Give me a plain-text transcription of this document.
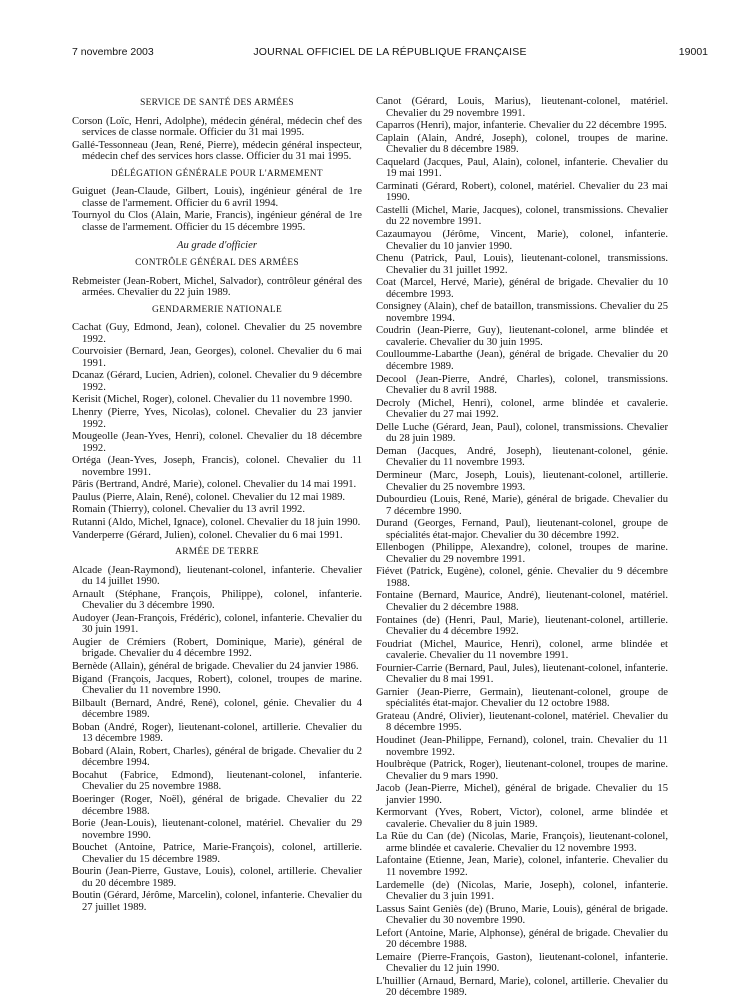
7 novembre 2003	JOURNAL OFFICIEL DE LA RÉPUBLIQUE FRANÇAISE	19001
SERVICE DE SANTÉ DES ARMÉES

Corson (Loïc, Henri, Adolphe), médecin général, médecin chef des services de classe normale. Officier du 31 mai 1995.

Gallé-Tessonneau (Jean, René, Pierre), médecin général inspecteur, médecin chef des services hors classe. Officier du 31 mai 1995.

DÉLÉGATION GÉNÉRALE POUR L'ARMEMENT

Guiguet (Jean-Claude, Gilbert, Louis), ingénieur général de 1re classe de l'armement. Officier du 6 avril 1994.

Tournyol du Clos (Alain, Marie, Francis), ingénieur général de 1re classe de l'armement. Officier du 15 décembre 1995.

Au grade d'officier
CONTRÔLE GÉNÉRAL DES ARMÉES

Rebmeister (Jean-Robert, Michel, Salvador), contrôleur général des armées. Chevalier du 22 juin 1989.

GENDARMERIE NATIONALE

Cachat (Guy, Edmond, Jean), colonel. Chevalier du 25 novembre 1992.

Courvoisier (Bernard, Jean, Georges), colonel. Chevalier du 6 mai 1991.

Dcanaz (Gérard, Lucien, Adrien), colonel. Chevalier du 9 décembre 1992.

Kerisit (Michel, Roger), colonel. Chevalier du 11 novembre 1990.

Lhenry (Pierre, Yves, Nicolas), colonel. Chevalier du 23 janvier 1992.

Mougeolle (Jean-Yves, Henri), colonel. Chevalier du 18 décembre 1992.

Ortéga (Jean-Yves, Joseph, Francis), colonel. Chevalier du 11 novembre 1991.

Pâris (Bertrand, André, Marie), colonel. Chevalier du 14 mai 1991.

Paulus (Pierre, Alain, René), colonel. Chevalier du 12 mai 1989.

Romain (Thierry), colonel. Chevalier du 13 avril 1992.

Rutanni (Aldo, Michel, Ignace), colonel. Chevalier du 18 juin 1990.

Vanderperre (Gérard, Julien), colonel. Chevalier du 6 mai 1991.

ARMÉE DE TERRE

Alcade (Jean-Raymond), lieutenant-colonel, infanterie. Chevalier du 14 juillet 1990.

Arnault (Stéphane, François, Philippe), colonel, infanterie. Chevalier du 3 décembre 1990.

Audoyer (Jean-François, Frédéric), colonel, infanterie. Chevalier du 30 juin 1991.

Augier de Crémiers (Robert, Dominique, Marie), général de brigade. Chevalier du 4 décembre 1992.

Bernède (Allain), général de brigade. Chevalier du 24 janvier 1986.

Bigand (François, Jacques, Robert), colonel, troupes de marine. Chevalier du 11 novembre 1990.

Bilbault (Bernard, André, René), colonel, génie. Chevalier du 4 décembre 1989.

Boban (André, Roger), lieutenant-colonel, artillerie. Chevalier du 13 décembre 1989.

Bobard (Alain, Robert, Charles), général de brigade. Chevalier du 2 décembre 1994.

Bocahut (Fabrice, Edmond), lieutenant-colonel, infanterie. Chevalier du 25 novembre 1988.

Boeringer (Roger, Noël), général de brigade. Chevalier du 22 décembre 1988.

Borie (Jean-Louis), lieutenant-colonel, matériel. Chevalier du 29 novembre 1990.

Bouchet (Antoine, Patrice, Marie-François), colonel, artillerie. Chevalier du 15 décembre 1989.

Bourin (Jean-Pierre, Gustave, Louis), colonel, artillerie. Chevalier du 20 décembre 1989.

Boutin (Gérard, Jérôme, Marcelin), colonel, infanterie. Chevalier du 27 juillet 1989.

Canot (Gérard, Louis, Marius), lieutenant-colonel, matériel. Chevalier du 29 novembre 1991.

Caparros (Henri), major, infanterie. Chevalier du 22 décembre 1995.

Caplain (Alain, André, Joseph), colonel, troupes de marine. Chevalier du 8 décembre 1989.

Caquelard (Jacques, Paul, Alain), colonel, infanterie. Chevalier du 19 mai 1991.

Carminati (Gérard, Robert), colonel, matériel. Chevalier du 23 mai 1990.

Castelli (Michel, Marie, Jacques), colonel, transmissions. Chevalier du 22 novembre 1991.

Cazaumayou (Jérôme, Vincent, Marie), colonel, infanterie. Chevalier du 10 janvier 1990.

Chenu (Patrick, Paul, Louis), lieutenant-colonel, transmissions. Chevalier du 31 juillet 1992.

Coat (Marcel, Hervé, Marie), général de brigade. Chevalier du 10 décembre 1993.

Consigney (Alain), chef de bataillon, transmissions. Chevalier du 25 novembre 1994.

Coudrin (Jean-Pierre, Guy), lieutenant-colonel, arme blindée et cavalerie. Chevalier du 30 juin 1995.

Coulloumme-Labarthe (Jean), général de brigade. Chevalier du 20 décembre 1989.

Decool (Jean-Pierre, André, Charles), colonel, transmissions. Chevalier du 8 avril 1988.

Decroly (Michel, Henri), colonel, arme blindée et cavalerie. Chevalier du 27 mai 1992.

Delle Luche (Gérard, Jean, Paul), colonel, transmissions. Chevalier du 28 juin 1989.

Deman (Jacques, André, Joseph), lieutenant-colonel, génie. Chevalier du 11 novembre 1993.

Dermineur (Marc, Joseph, Louis), lieutenant-colonel, artillerie. Chevalier du 25 novembre 1993.

Dubourdieu (Louis, René, Marie), général de brigade. Chevalier du 7 décembre 1990.

Durand (Georges, Fernand, Paul), lieutenant-colonel, groupe de spécialités état-major. Chevalier du 30 décembre 1992.

Ellenbogen (Philippe, Alexandre), colonel, troupes de marine. Chevalier du 29 novembre 1991.

Fiévet (Patrick, Eugène), colonel, génie. Chevalier du 9 décembre 1988.

Fontaine (Bernard, Maurice, André), lieutenant-colonel, matériel. Chevalier du 2 décembre 1988.

Fontaines (de) (Henri, Paul, Marie), lieutenant-colonel, artillerie. Chevalier du 4 décembre 1992.

Foudriat (Michel, Maurice, Henri), colonel, arme blindée et cavalerie. Chevalier du 11 novembre 1991.

Fournier-Carrie (Bernard, Paul, Jules), lieutenant-colonel, infanterie. Chevalier du 8 mai 1991.

Garnier (Jean-Pierre, Germain), lieutenant-colonel, groupe de spécialités état-major. Chevalier du 12 octobre 1988.

Grateau (André, Olivier), lieutenant-colonel, matériel. Chevalier du 8 décembre 1995.

Houdinet (Jean-Philippe, Fernand), colonel, train. Chevalier du 11 novembre 1992.

Houlbrèque (Patrick, Roger), lieutenant-colonel, troupes de marine. Chevalier du 9 mars 1990.

Jacob (Jean-Pierre, Michel), général de brigade. Chevalier du 15 janvier 1990.

Kermorvant (Yves, Robert, Victor), colonel, arme blindée et cavalerie. Chevalier du 8 juin 1989.

La Rüe du Can (de) (Nicolas, Marie, François), lieutenant-colonel, arme blindée et cavalerie. Chevalier du 12 novembre 1993.

Lafontaine (Etienne, Jean, Marie), colonel, infanterie. Chevalier du 11 novembre 1992.

Lardemelle (de) (Nicolas, Marie, Joseph), colonel, infanterie. Chevalier du 3 juin 1991.

Lassus Saint Geniès (de) (Bruno, Marie, Louis), général de brigade. Chevalier du 30 novembre 1990.

Lefort (Antoine, Marie, Alphonse), général de brigade. Chevalier du 20 décembre 1988.

Lemaire (Pierre-François, Gaston), lieutenant-colonel, infanterie. Chevalier du 12 juin 1990.

L'huillier (Arnaud, Bernard, Marie), colonel, artillerie. Chevalier du 20 décembre 1989.
